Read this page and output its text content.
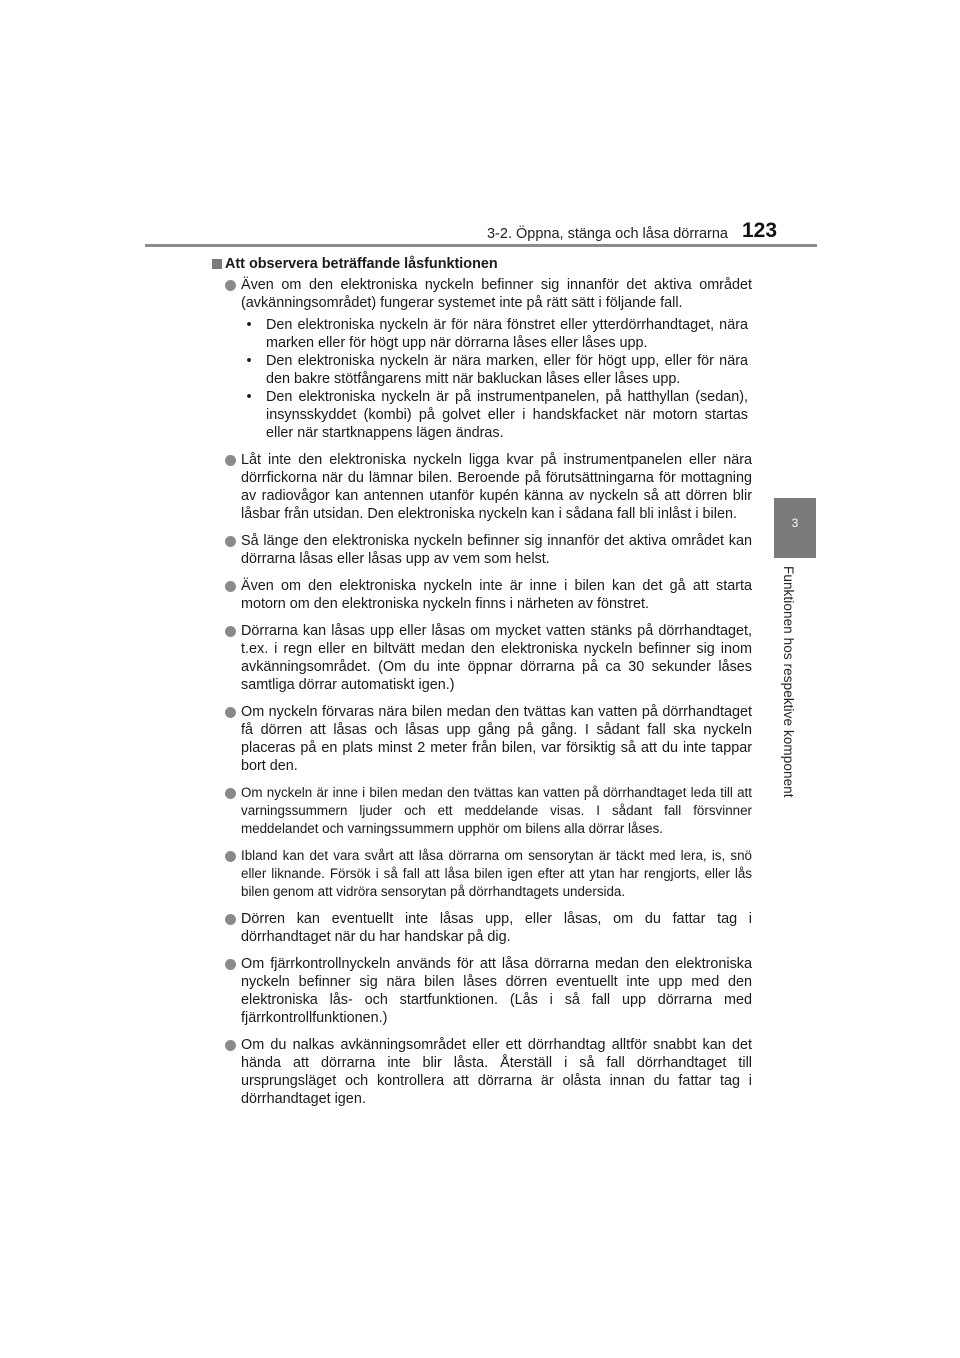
3-2. Öppna, stänga och låsa dörrarna 123
3
Funktionen hos respektive komponent
Att observera beträffande låsfunktionen
Även om den elektroniska nyckeln befinner sig innanför det aktiva området (avkänningsområdet) fungerar systemet inte på rätt sätt i följande fall.
•	Den elektroniska nyckeln är för nära fönstret eller ytterdörrhandtaget, nära marken eller för högt upp när dörrarna låses eller låses upp.
•	Den elektroniska nyckeln är nära marken, eller för högt upp, eller för nära den bakre stötfångarens mitt när bakluckan låses eller låses upp.
•	Den elektroniska nyckeln är på instrumentpanelen, på hatthyllan (sedan), insynsskyddet (kombi) på golvet eller i handskfacket när motorn startas eller när startknappens lägen ändras.
Låt inte den elektroniska nyckeln ligga kvar på instrumentpanelen eller nära dörrfickorna när du lämnar bilen. Beroende på förutsättningarna för mottagning av radiovågor kan antennen utanför kupén känna av nyckeln så att dörren blir låsbar från utsidan. Den elektroniska nyckeln kan i sådana fall bli inlåst i bilen.
Så länge den elektroniska nyckeln befinner sig innanför det aktiva området kan dörrarna låsas eller låsas upp av vem som helst.
Även om den elektroniska nyckeln inte är inne i bilen kan det gå att starta motorn om den elektroniska nyckeln finns i närheten av fönstret.
Dörrarna kan låsas upp eller låsas om mycket vatten stänks på dörrhandtaget, t.ex. i regn eller en biltvätt medan den elektroniska nyckeln befinner sig inom avkänningsområdet. (Om du inte öppnar dörrarna på ca 30 sekunder låses samtliga dörrar automatiskt igen.)
Om nyckeln förvaras nära bilen medan den tvättas kan vatten på dörrhandtaget få dörren att låsas och låsas upp gång på gång. I sådant fall ska nyckeln placeras på en plats minst 2 meter från bilen, var försiktig så att du inte tappar bort den.
Om nyckeln är inne i bilen medan den tvättas kan vatten på dörrhandtaget leda till att varningssummern ljuder och ett meddelande visas. I sådant fall försvinner meddelandet och varningssummern upphör om bilens alla dörrar låses.
Ibland kan det vara svårt att låsa dörrarna om sensorytan är täckt med lera, is, snö eller liknande. Försök i så fall att låsa bilen igen efter att ytan har rengjorts, eller lås bilen genom att vidröra sensorytan på dörrhandtagets undersida.
Dörren kan eventuellt inte låsas upp, eller låsas, om du fattar tag i dörrhandtaget när du har handskar på dig.
Om fjärrkontrollnyckeln används för att låsa dörrarna medan den elektroniska nyckeln befinner sig nära bilen låses dörren eventuellt inte upp med den elektroniska lås- och startfunktionen. (Lås i så fall upp dörrarna med fjärrkontrollfunktionen.)
Om du nalkas avkänningsområdet eller ett dörrhandtag alltför snabbt kan det hända att dörrarna inte blir låsta. Återställ i så fall dörrhandtaget till ursprungsläget och kontrollera att dörrarna är olåsta innan du fattar tag i dörrhandtaget igen.
